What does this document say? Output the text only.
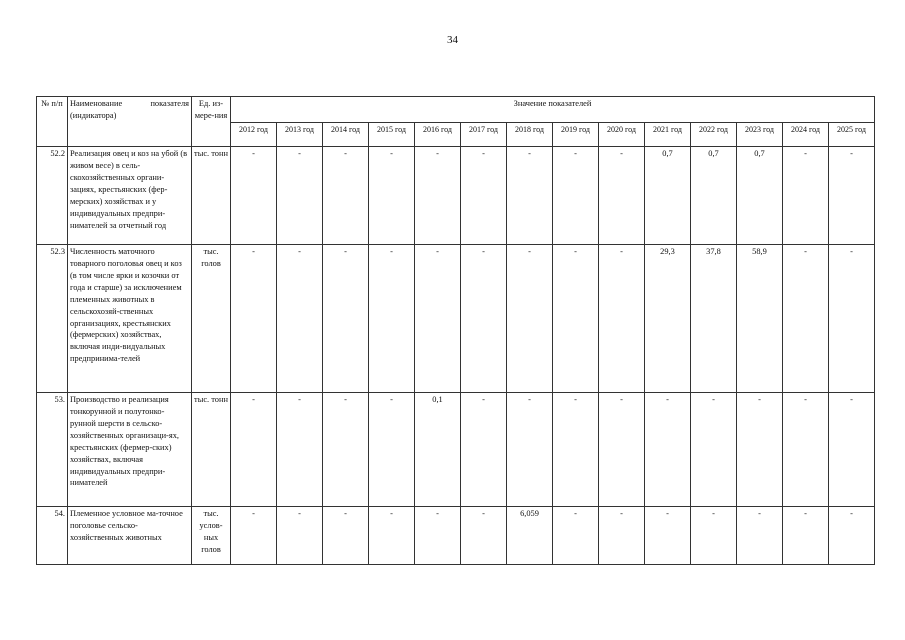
34
№ п/п	Наименование показателя (индикатора)	Ед. из-мере-ния	Значение показателей													
			2012 год	2013 год	2014 год	2015 год	2016 год	2017 год	2018 год	2019 год	2020 год	2021 год	2022 год	2023 год	2024 год	2025 год
52.2	Реализация овец и коз на убой (в живом весе) в сель-скохозяйственных органи-зациях, крестьянских (фер-мерских) хозяйствах и у индивидуальных предпри-нимателей за отчетный год	тыс. тонн	-	-	-	-	-	-	-	-	-	0,7	0,7	0,7	-	-
52.3	Численность маточного товарного поголовья овец и коз (в том числе ярки и козочки от года и старше) за исключением племенных животных в сельскохозяй-ственных организациях, крестьянских (фермерских) хозяйствах, включая инди-видуальных предпринима-телей	тыс. голов	-	-	-	-	-	-	-	-	-	29,3	37,8	58,9	-	-
53.	Производство и реализация тонкорунной и полутонко-рунной шерсти в сельско-хозяйственных организаци-ях, крестьянских (фермер-ских) хозяйствах, включая индивидуальных предпри-нимателей	тыс. тонн	-	-	-	-	0,1	-	-	-	-	-	-	-	-	-
54.	Племенное условное ма-точное поголовье сельско-хозяйственных животных	тыс. услов-ных голов	-	-	-	-	-	-	6,059	-	-	-	-	-	-	-
